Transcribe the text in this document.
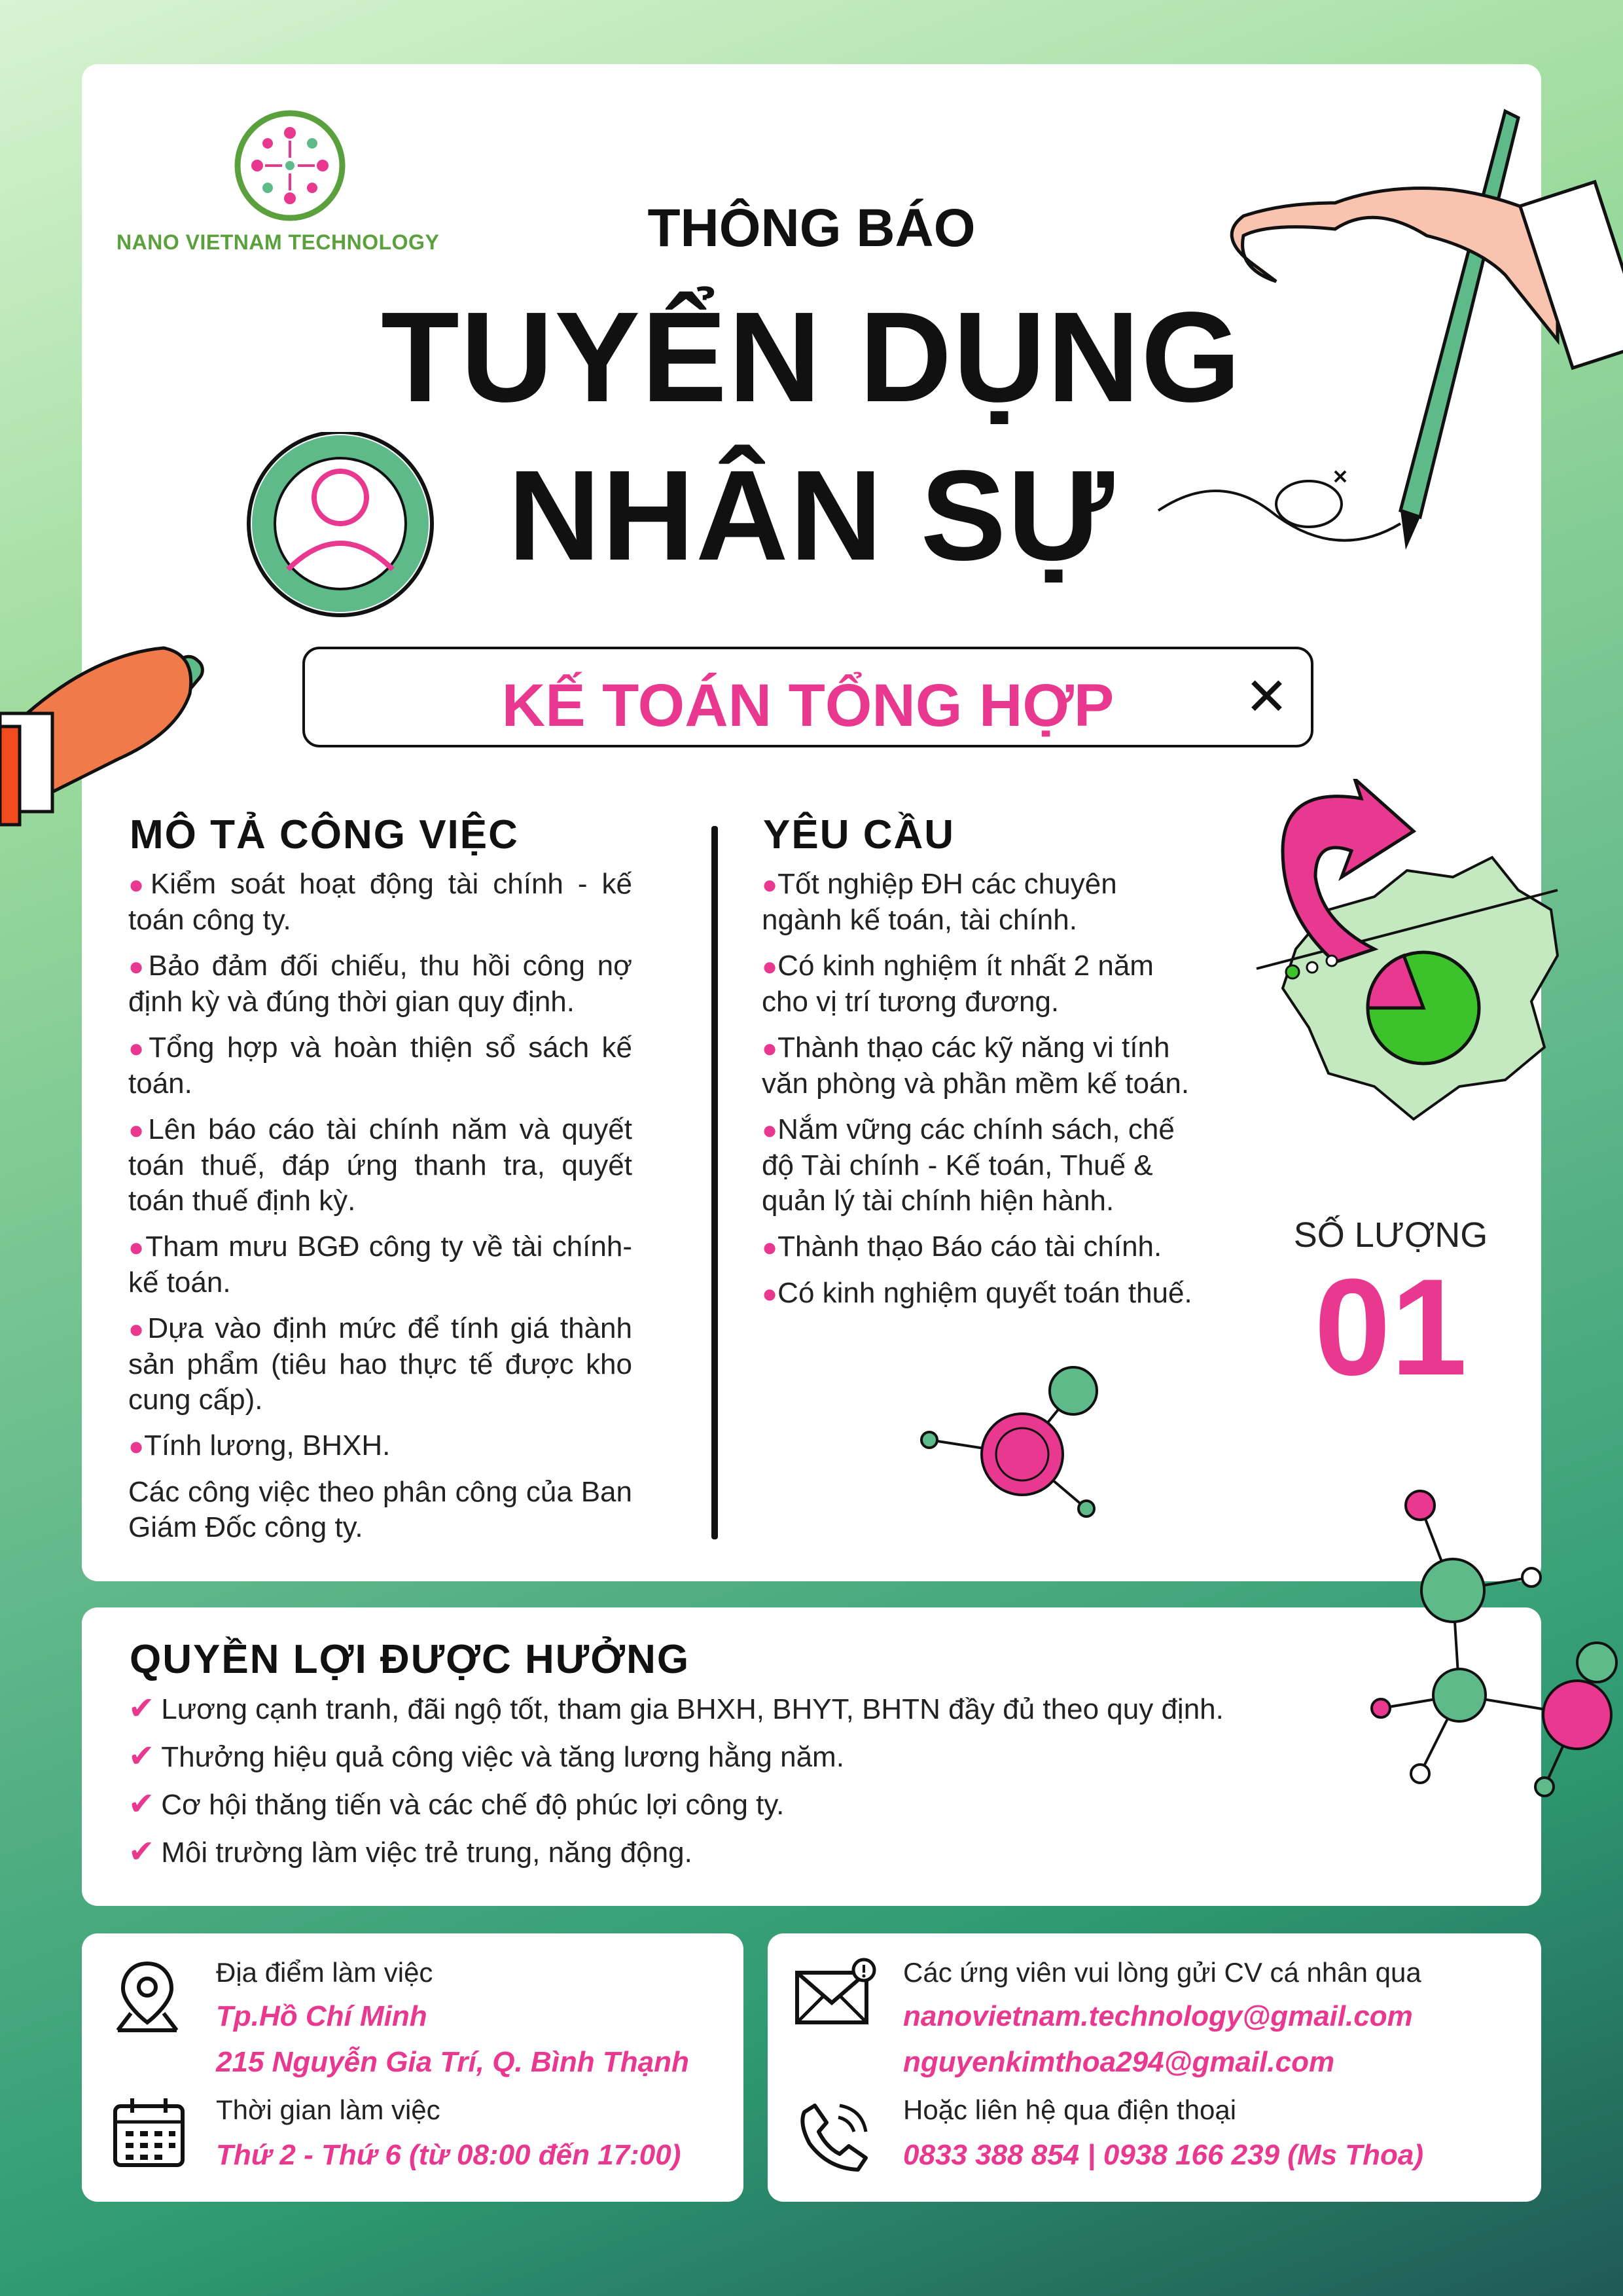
NANO VIETNAM TECHNOLOGY	THÔNG BÁO
TUYỂN DỤNG
NHÂN SỰ
KẾ TOÁN TỔNG HỢP	✕
MÔ TẢ CÔNG VIỆC
●Kiểm soát hoạt động tài chính - kế toán công ty.
●Bảo đảm đối chiếu, thu hồi công nợ định kỳ và đúng thời gian quy định.
●Tổng hợp và hoàn thiện sổ sách kế toán.
●Lên báo cáo tài chính năm và quyết toán thuế, đáp ứng thanh tra, quyết toán thuế định kỳ.
●Tham mưu BGĐ công ty về tài chính-kế toán.
●Dựa vào định mức để tính giá thành sản phẩm (tiêu hao thực tế được kho cung cấp).
●Tính lương, BHXH.
Các công việc theo phân công của Ban Giám Đốc công ty.
YÊU CẦU
●Tốt nghiệp ĐH các chuyên ngành kế toán, tài chính.
●Có kinh nghiệm ít nhất 2 năm cho vị trí tương đương.
●Thành thạo các kỹ năng vi tính văn phòng và phần mềm kế toán.
●Nắm vững các chính sách, chế độ Tài chính - Kế toán, Thuế & quản lý tài chính hiện hành.
●Thành thạo Báo cáo tài chính.
●Có kinh nghiệm quyết toán thuế.
SỐ LƯỢNG
01
QUYỀN LỢI ĐƯỢC HƯỞNG
✔ Lương cạnh tranh, đãi ngộ tốt, tham gia BHXH, BHYT, BHTN đầy đủ theo quy định.
✔ Thưởng hiệu quả công việc và tăng lương hằng năm.
✔ Cơ hội thăng tiến và các chế độ phúc lợi công ty.
✔ Môi trường làm việc trẻ trung, năng động.
Địa điểm làm việc
Tp.Hồ Chí Minh
215 Nguyễn Gia Trí, Q. Bình Thạnh
Thời gian làm việc
Thứ 2 - Thứ 6 (từ 08:00 đến 17:00)
Các ứng viên vui lòng gửi CV cá nhân qua
nanovietnam.technology@gmail.com
nguyenkimthoa294@gmail.com
Hoặc liên hệ qua điện thoại
0833 388 854 | 0938 166 239 (Ms Thoa)
